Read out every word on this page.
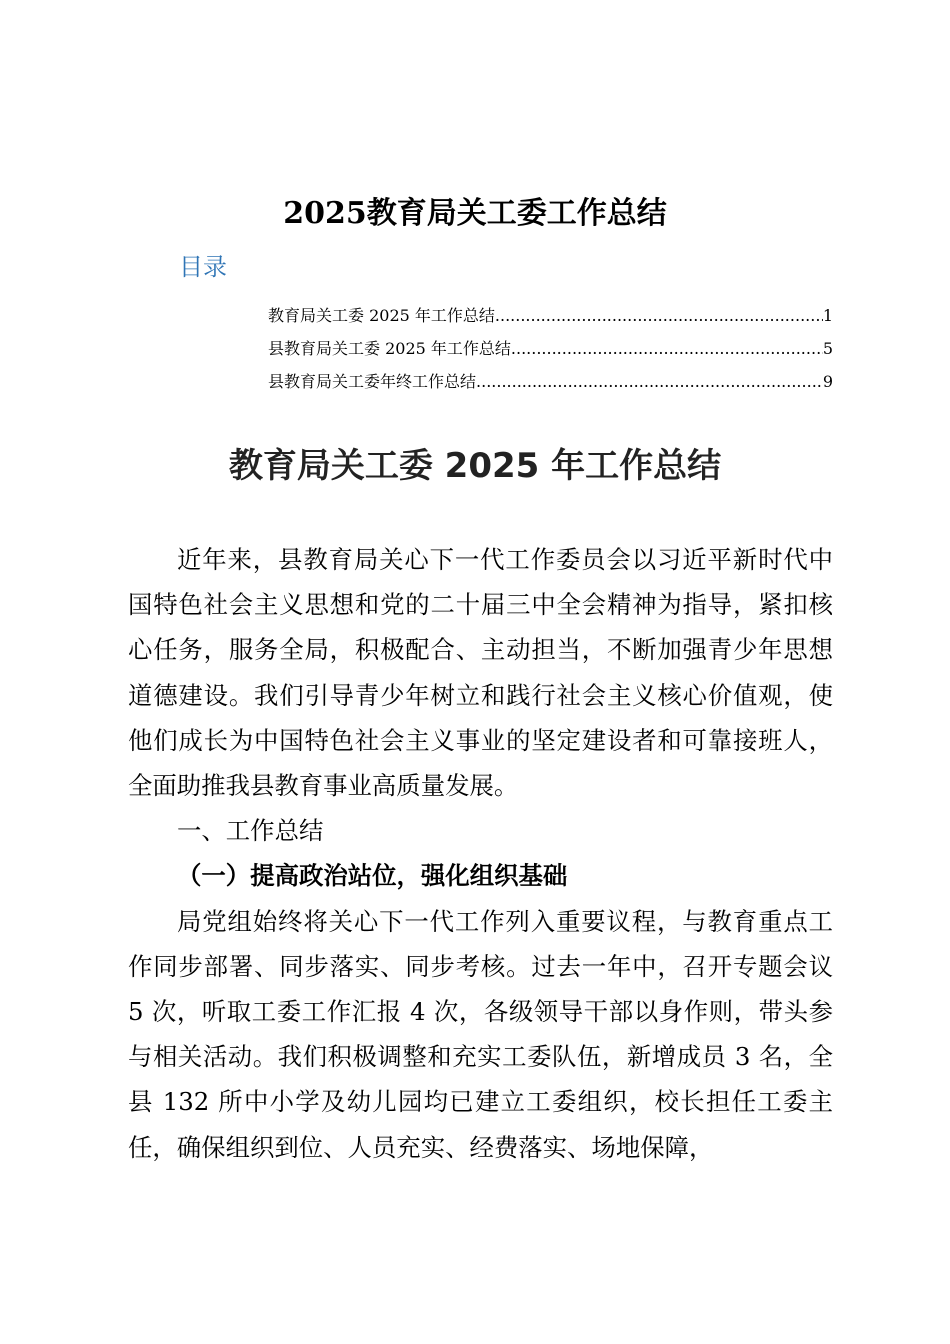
2025教育局关工委工作总结
目录
教育局关工委 2025 年工作总结 .....	1
县教育局关工委 2025 年工作总结 .....	5
县教育局关工委年终工作总结 .....	9
教育局关工委 2025 年工作总结

近年来，县教育局关心下一代工作委员会以习近平新时代中国特色社会主义思想和党的二十届三中全会精神为指导，紧扣核心任务，服务全局，积极配合、主动担当，不断加强青少年思想道德建设。我们引导青少年树立和践行社会主义核心价值观，使他们成长为中国特色社会主义事业的坚定建设者和可靠接班人，全面助推我县教育事业高质量发展。

一、工作总结

（一）提高政治站位，强化组织基础

局党组始终将关心下一代工作列入重要议程，与教育重点工作同步部署、同步落实、同步考核。过去一年中，召开专题会议 5 次，听取工委工作汇报 4 次，各级领导干部以身作则，带头参与相关活动。我们积极调整和充实工委队伍，新增成员 3 名，全县 132 所中小学及幼儿园均已建立工委组织，校长担任工委主任，确保组织到位、人员充实、经费落实、场地保障，
